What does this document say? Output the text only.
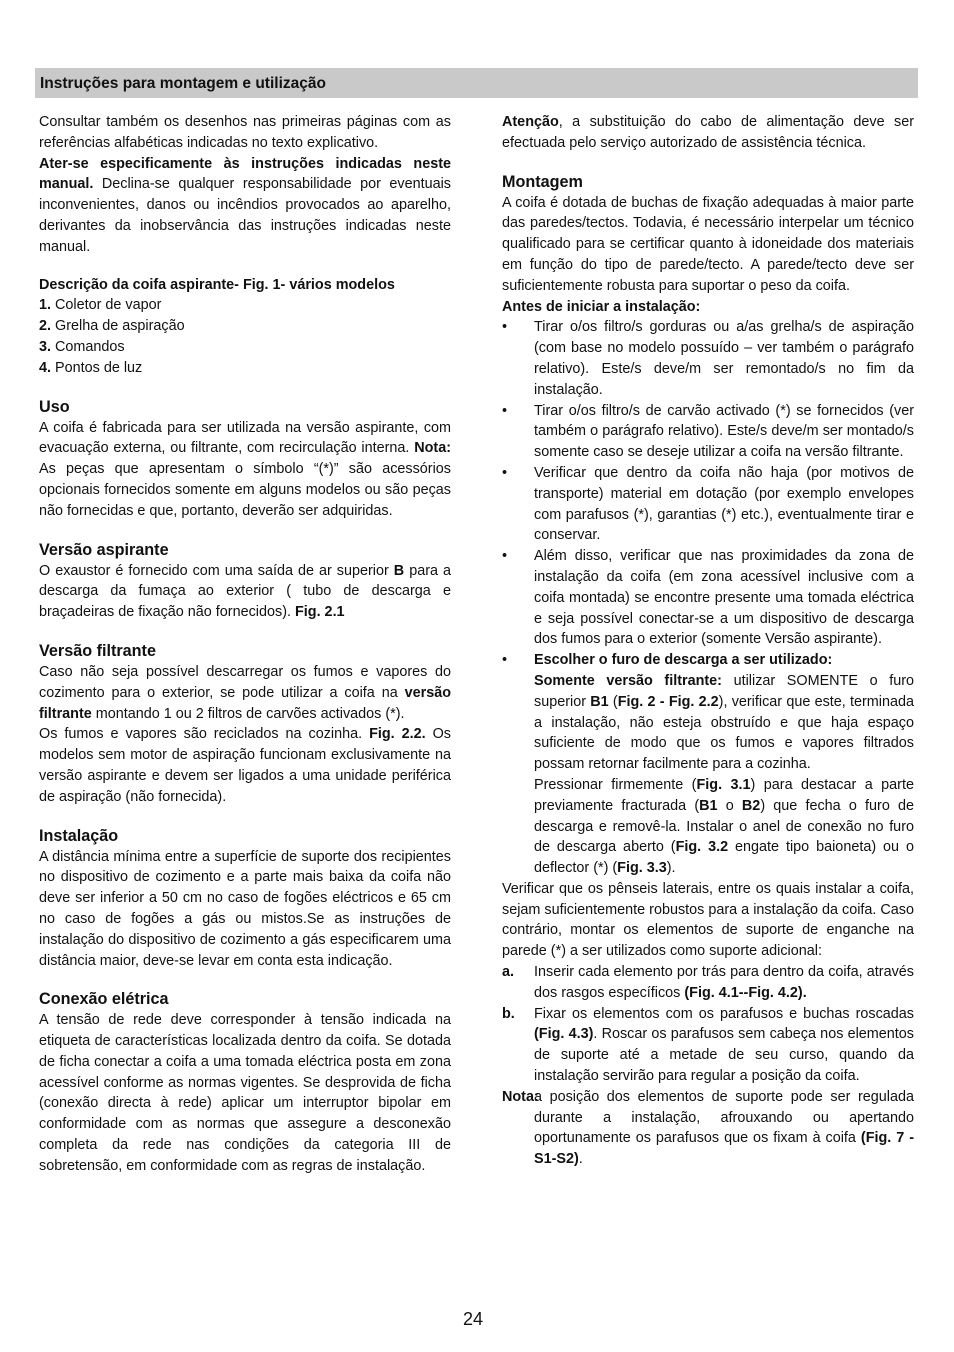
Instruções para montagem e utilização

Consultar também os desenhos nas primeiras páginas com as referências alfabéticas indicadas no texto explicativo.

Ater-se especificamente às instruções indicadas neste manual. Declina-se qualquer responsabilidade por eventuais inconvenientes, danos ou incêndios provocados ao aparelho, derivantes da inobservância das instruções indicadas neste manual.

Descrição da coifa aspirante- Fig. 1- vários modelos

1. Coletor de vapor

2. Grelha de aspiração

3. Comandos

4. Pontos de luz

Uso

A coifa é fabricada para ser utilizada na versão aspirante, com evacuação externa, ou filtrante, com recirculação interna. Nota: As peças que apresentam o símbolo “(*)” são acessórios opcionais fornecidos somente em alguns modelos ou são peças não fornecidas e que, portanto, deverão ser adquiridas.

Versão aspirante

O exaustor é fornecido com uma saída de ar superior B para a descarga da fumaça ao exterior ( tubo de descarga e braçadeiras de fixação não fornecidos). Fig. 2.1

Versão filtrante

Caso não seja possível descarregar os fumos e vapores do cozimento para o exterior, se pode utilizar a coifa na versão filtrante montando 1 ou 2 filtros de carvões activados (*).

Os fumos e vapores são reciclados na cozinha. Fig. 2.2. Os modelos sem motor de aspiração funcionam exclusivamente na versão aspirante e devem ser ligados a uma unidade periférica de aspiração (não fornecida).

Instalação

A distância mínima entre a superfície de suporte dos recipientes no dispositivo de cozimento e a parte mais baixa da coifa não deve ser inferior a 50 cm no caso de fogões eléctricos e 65 cm no caso de fogões a gás ou mistos.Se as instruções de instalação do dispositivo de cozimento a gás especificarem uma distância maior, deve-se levar em conta esta indicação.

Conexão elétrica

A tensão de rede deve corresponder à tensão indicada na etiqueta de características localizada dentro da coifa. Se dotada de ficha conectar a coifa a uma tomada eléctrica posta em zona acessível conforme as normas vigentes. Se desprovida de ficha (conexão directa à rede) aplicar um interruptor bipolar em conformidade com as normas que assegure a desconexão completa da rede nas condições da categoria III de sobretensão, em conformidade com as regras de instalação.

Atenção, a substituição do cabo de alimentação deve ser efectuada pelo serviço autorizado de assistência técnica.

Montagem

A coifa é dotada de buchas de fixação adequadas à maior parte das paredes/tectos. Todavia, é necessário interpelar um técnico qualificado para se certificar quanto à idoneidade dos materiais em função do tipo de parede/tecto. A parede/tecto deve ser suficientemente robusta para suportar o peso da coifa.

Antes de iniciar a instalação:

• Tirar o/os filtro/s gorduras ou a/as grelha/s de aspiração (com base no modelo possuído – ver também o parágrafo relativo). Este/s deve/m ser remontado/s no fim da instalação.
• Tirar o/os filtro/s de carvão activado (*) se fornecidos (ver também o parágrafo relativo). Este/s deve/m ser montado/s somente caso se deseje utilizar a coifa na versão filtrante.
• Verificar que dentro da coifa não haja (por motivos de transporte) material em dotação (por exemplo envelopes com parafusos (*), garantias (*) etc.), eventualmente tirar e conservar.
• Além disso, verificar que nas proximidades da zona de instalação da coifa (em zona acessível inclusive com a coifa montada) se encontre presente uma tomada eléctrica e seja possível conectar-se a um dispositivo de descarga dos fumos para o exterior (somente Versão aspirante).
• Escolher o furo de descarga a ser utilizado:

Somente versão filtrante: utilizar SOMENTE o furo superior B1 (Fig. 2 - Fig. 2.2), verificar que este, terminada a instalação, não esteja obstruído e que haja espaço suficiente de modo que os fumos e vapores filtrados possam retornar facilmente para a cozinha.

Pressionar firmemente (Fig. 3.1) para destacar a parte previamente fracturada (B1 o B2) que fecha o furo de descarga e removê-la. Instalar o anel de conexão no furo de descarga aberto (Fig. 3.2 engate tipo baioneta) ou o deflector (*) (Fig. 3.3).

Verificar que os pênseis laterais, entre os quais instalar a coifa, sejam suficientemente robustos para a instalação da coifa. Caso contrário, montar os elementos de suporte de enganche na parede (*) a ser utilizados como suporte adicional:

a. Inserir cada elemento por trás para dentro da coifa, através dos rasgos específicos (Fig. 4.1--Fig. 4.2).

b. Fixar os elementos com os parafusos e buchas roscadas (Fig. 4.3). Roscar os parafusos sem cabeça nos elementos de suporte até a metade de seu curso, quando da instalação servirão para regular a posição da coifa.

Nota:
a posição dos elementos de suporte pode ser regulada durante a instalação, afrouxando ou apertando oportunamente os parafusos que os fixam à coifa (Fig. 7 - S1-S2).

24
